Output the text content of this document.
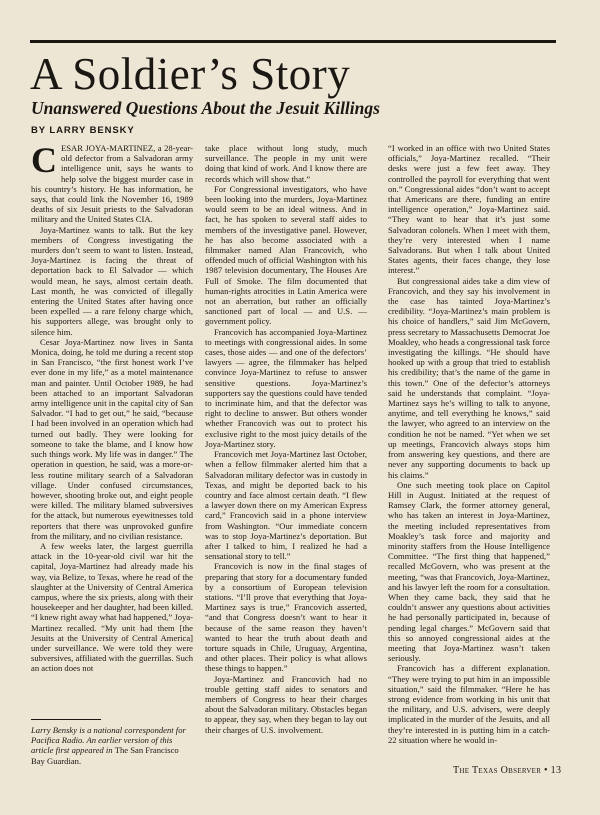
A Soldier’s Story
Unanswered Questions About the Jesuit Killings
BY LARRY BENSKY

CESAR JOYA-MARTINEZ, a 28-year-old defector from a Salvadoran army intelligence unit, says he wants to help solve the biggest murder case in his country’s history. He has information, he says, that could link the November 16, 1989 deaths of six Jesuit priests to the Salvadoran military and the United States CIA.

Joya-Martinez wants to talk. But the key members of Congress investigating the murders don’t seem to want to listen. Instead, Joya-Martinez is facing the threat of deportation back to El Salvador — which would mean, he says, almost certain death. Last month, he was convicted of illegally entering the United States after having once been expelled — a rare felony charge which, his supporters allege, was brought only to silence him.

Cesar Joya-Martinez now lives in Santa Monica, doing, he told me during a recent stop in San Francisco, “the first honest work I’ve ever done in my life,” as a motel maintenance man and painter. Until October 1989, he had been attached to an important Salvadoran army intelligence unit in the capital city of San Salvador. “I had to get out,” he said, “because I had been involved in an operation which had turned out badly. They were looking for someone to take the blame, and I know how such things work. My life was in danger.” The operation in question, he said, was a more-or-less routine military search of a Salvadoran village. Under confused circumstances, however, shooting broke out, and eight people were killed. The military blamed subversives for the attack, but numerous eyewitnesses told reporters that there was unprovoked gunfire from the military, and no civilian resistance.

A few weeks later, the largest guerrilla attack in the 10-year-old civil war hit the capital, Joya-Martinez had already made his way, via Belize, to Texas, where he read of the slaughter at the University of Central America campus, where the six priests, along with their housekeeper and her daughter, had been killed. “I knew right away what had happened,” Joya-Martinez recalled. “My unit had them [the Jesuits at the University of Central America] under surveillance. We were told they were subversives, affiliated with the guerrillas. Such an action does not

Larry Bensky is a national correspondent for Pacifica Radio. An earlier version of this article first appeared in The San Francisco Bay Guardian.

take place without long study, much surveillance. The people in my unit were doing that kind of work. And I know there are records which will show that.”

For Congressional investigators, who have been looking into the murders, Joya-Martinez would seem to be an ideal witness. And in fact, he has spoken to several staff aides to members of the investigative panel. However, he has also become associated with a filmmaker named Alan Francovich, who offended much of official Washington with his 1987 television documentary, The Houses Are Full of Smoke. The film documented that human-rights atrocities in Latin America were not an aberration, but rather an officially sanctioned part of local — and U.S. — government policy.

Francovich has accompanied Joya-Martinez to meetings with congressional aides. In some cases, those aides — and one of the defectors’ lawyers — agree, the filmmaker has helped convince Joya-Martinez to refuse to answer sensitive questions. Joya-Martinez’s supporters say the questions could have tended to incriminate him, and that the defector was right to decline to answer. But others wonder whether Francovich was out to protect his exclusive right to the most juicy details of the Joya-Martinez story.

Francovich met Joya-Martinez last October, when a fellow filmmaker alerted him that a Salvadoran military defector was in custody in Texas, and might be deported back to his country and face almost certain death. “I flew a lawyer down there on my American Express card,” Francovich said in a phone interview from Washington. “Our immediate concern was to stop Joya-Martinez’s deportation. But after I talked to him, I realized he had a sensational story to tell.”

Francovich is now in the final stages of preparing that story for a documentary funded by a consortium of European television stations. “I’ll prove that everything that Joya-Martinez says is true,” Francovich asserted, “and that Congress doesn’t want to hear it because of the same reason they haven’t wanted to hear the truth about death and torture squads in Chile, Uruguay, Argentina, and other places. Their policy is what allows these things to happen.”

Joya-Martinez and Francovich had no trouble getting staff aides to senators and members of Congress to hear their charges about the Salvadoran military. Obstacles began to appear, they say, when they began to lay out their charges of U.S. involvement.

“I worked in an office with two United States officials,” Joya-Martinez recalled. “Their desks were just a few feet away. They controlled the payroll for everything that went on.” Congressional aides “don’t want to accept that Americans are there, funding an entire intelligence operation,” Joya-Martinez said. “They want to hear that it’s just some Salvadoran colonels. When I meet with them, they’re very interested when I name Salvadorans. But when I talk about United States agents, their faces change, they lose interest.”

But congressional aides take a dim view of Francovich, and they say his involvement in the case has tainted Joya-Martinez’s credibility. “Joya-Martinez’s main problem is his choice of handlers,” said Jim McGovern, press secretary to Massachusetts Democrat Joe Moakley, who heads a congressional task force investigating the killings. “He should have hooked up with a group that tried to establish his credibility; that’s the name of the game in this town.” One of the defector’s attorneys said he understands that complaint. “Joya-Martinez says he’s willing to talk to anyone, anytime, and tell everything he knows,” said the lawyer, who agreed to an interview on the condition he not be named. “Yet when we set up meetings, Francovich always stops him from answering key questions, and there are never any supporting documents to back up his claims.”

One such meeting took place on Capitol Hill in August. Initiated at the request of Ramsey Clark, the former attorney general, who has taken an interest in Joya-Martinez, the meeting included representatives from Moakley’s task force and majority and minority staffers from the House Intelligence Committee. “The first thing that happened,” recalled McGovern, who was present at the meeting, “was that Francovich, Joya-Martinez, and his lawyer left the room for a consultation. When they came back, they said that he couldn’t answer any questions about activities he had personally participated in, because of pending legal charges.” McGovern said that this so annoyed congressional aides at the meeting that Joya-Martinez wasn’t taken seriously.

Francovich has a different explanation. “They were trying to put him in an impossible situation,” said the filmmaker. “Here he has strong evidence from working in his unit that the military, and U.S. advisers, were deeply implicated in the murder of the Jesuits, and all they’re interested in is putting him in a catch-22 situation where he would in-

The Texas Observer • 13
